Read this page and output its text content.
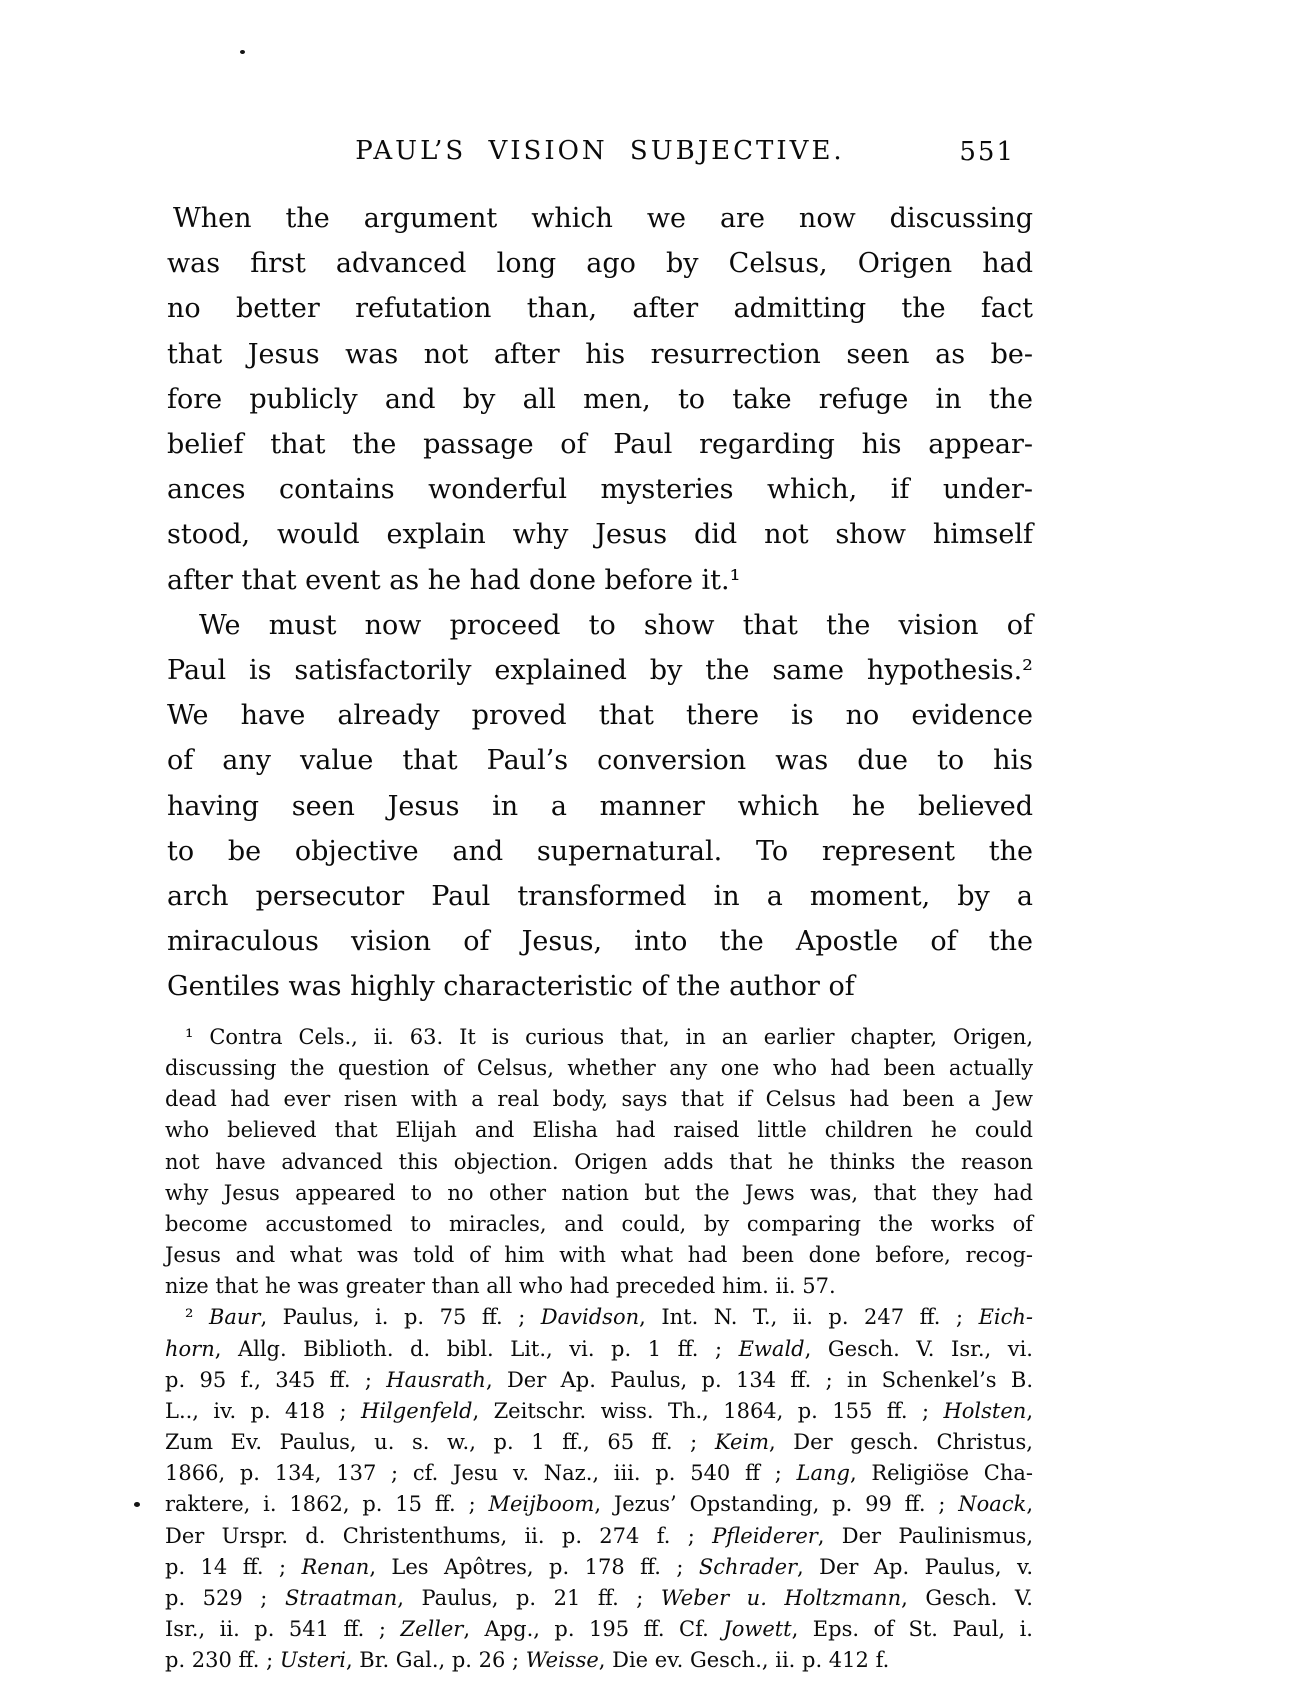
PAUL’S VISION SUBJECTIVE.	551
When the argument which we are now discussing
was first advanced long ago by Celsus, Origen had
no better refutation than, after admitting the fact
that Jesus was not after his resurrection seen as be-
fore publicly and by all men, to take refuge in the
belief that the passage of Paul regarding his appear-
ances contains wonderful mysteries which, if under-
stood, would explain why Jesus did not show himself
after that event as he had done before it.¹
We must now proceed to show that the vision of
Paul is satisfactorily explained by the same hypothesis.²
We have already proved that there is no evidence
of any value that Paul’s conversion was due to his
having seen Jesus in a manner which he believed
to be objective and supernatural. To represent the
arch persecutor Paul transformed in a moment, by a
miraculous vision of Jesus, into the Apostle of the
Gentiles was highly characteristic of the author of
¹ Contra Cels., ii. 63. It is curious that, in an earlier chapter, Origen,
discussing the question of Celsus, whether any one who had been actually
dead had ever risen with a real body, says that if Celsus had been a Jew
who believed that Elijah and Elisha had raised little children he could
not have advanced this objection. Origen adds that he thinks the reason
why Jesus appeared to no other nation but the Jews was, that they had
become accustomed to miracles, and could, by comparing the works of
Jesus and what was told of him with what had been done before, recog-
nize that he was greater than all who had preceded him. ii. 57.
² Baur, Paulus, i. p. 75 ff. ; Davidson, Int. N. T., ii. p. 247 ff. ; Eich-
horn, Allg. Biblioth. d. bibl. Lit., vi. p. 1 ff. ; Ewald, Gesch. V. Isr., vi.
p. 95 f., 345 ff. ; Hausrath, Der Ap. Paulus, p. 134 ff. ; in Schenkel’s B.
L.., iv. p. 418 ; Hilgenfeld, Zeitschr. wiss. Th., 1864, p. 155 ff. ; Holsten,
Zum Ev. Paulus, u. s. w., p. 1 ff., 65 ff. ; Keim, Der gesch. Christus,
1866, p. 134, 137 ; cf. Jesu v. Naz., iii. p. 540 ff ; Lang, Religiöse Cha-
raktere, i. 1862, p. 15 ff. ; Meijboom, Jezus’ Opstanding, p. 99 ff. ; Noack,
Der Urspr. d. Christenthums, ii. p. 274 f. ; Pfleiderer, Der Paulinismus,
p. 14 ff. ; Renan, Les Apôtres, p. 178 ff. ; Schrader, Der Ap. Paulus, v.
p. 529 ; Straatman, Paulus, p. 21 ff. ; Weber u. Holtzmann, Gesch. V.
Isr., ii. p. 541 ff. ; Zeller, Apg., p. 195 ff. Cf. Jowett, Eps. of St. Paul, i.
p. 230 ff. ; Usteri, Br. Gal., p. 26 ; Weisse, Die ev. Gesch., ii. p. 412 f.
